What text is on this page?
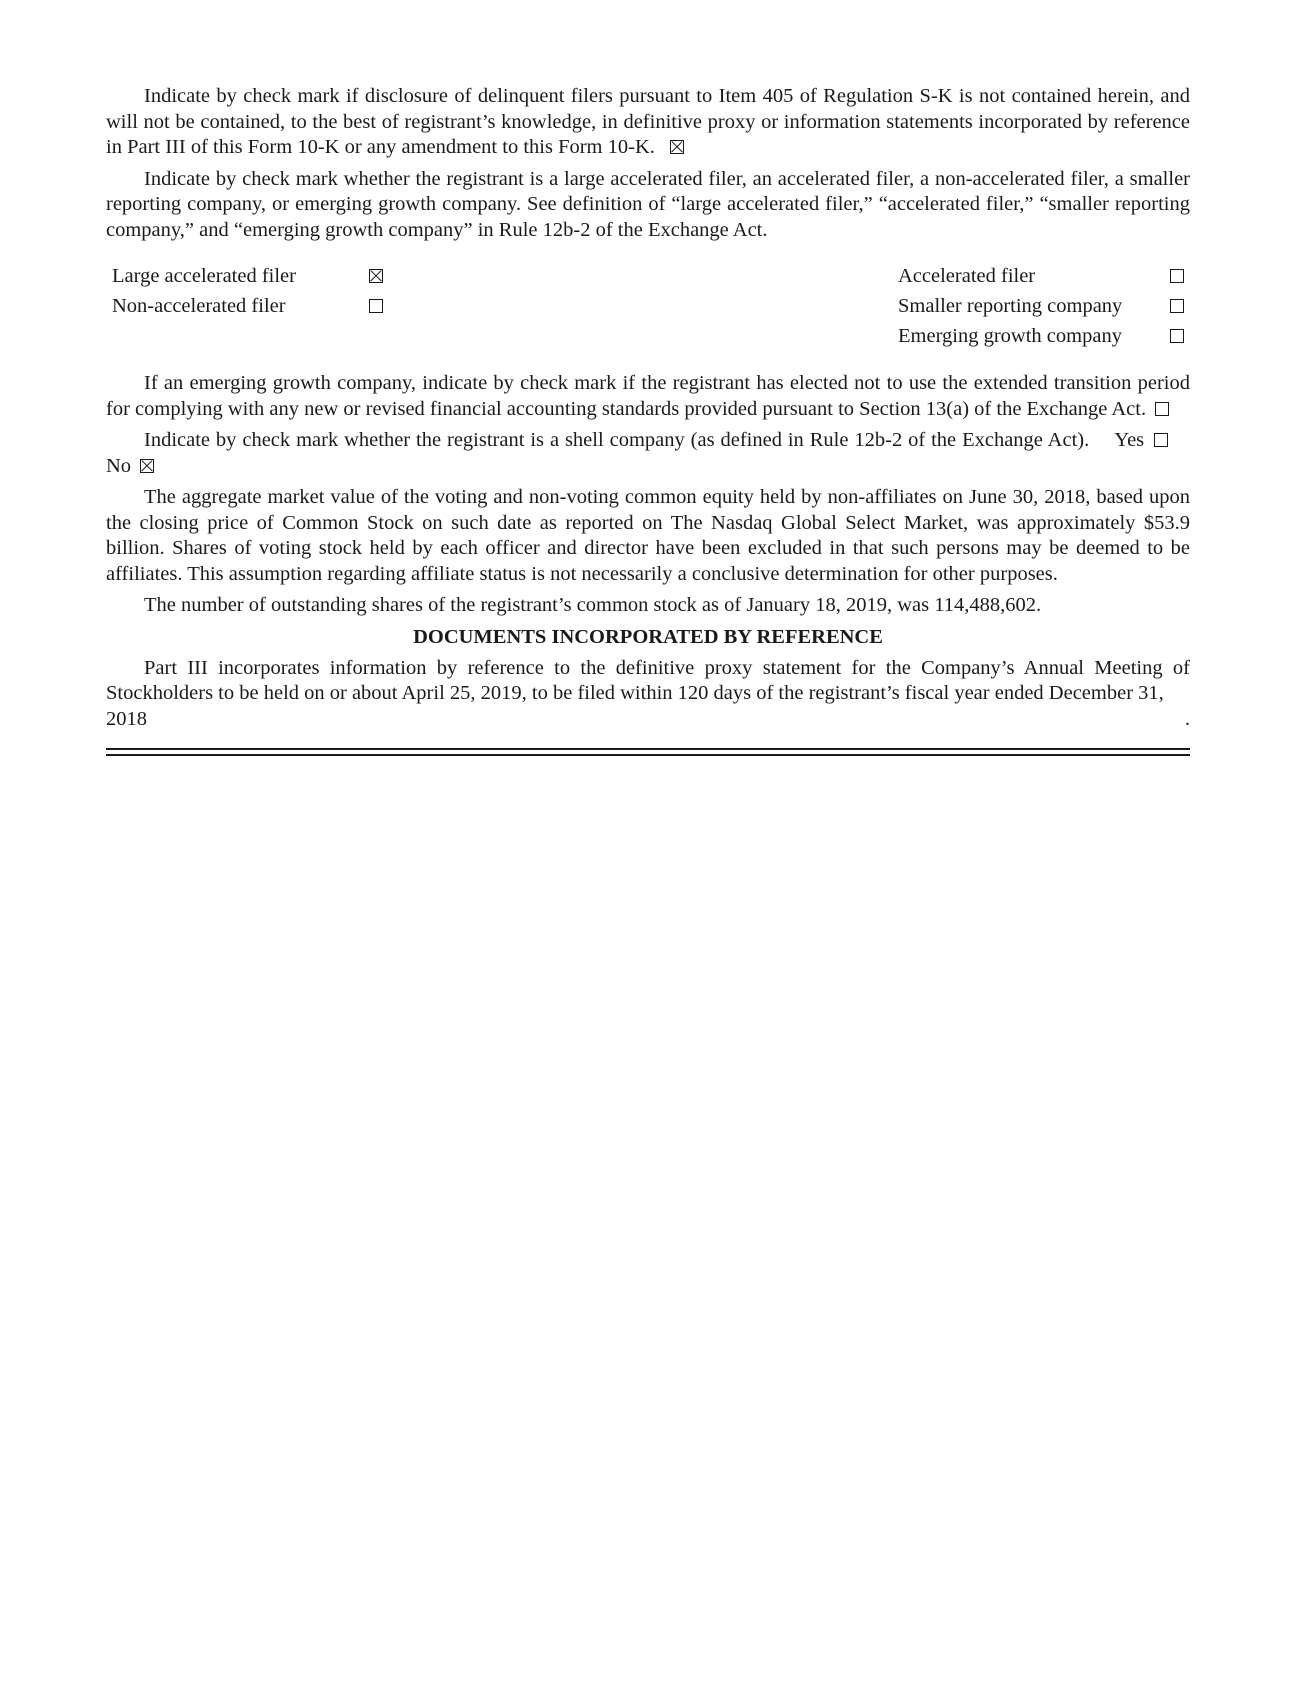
Indicate by check mark if disclosure of delinquent filers pursuant to Item 405 of Regulation S-K is not contained herein, and will not be contained, to the best of registrant’s knowledge, in definitive proxy or information statements incorporated by reference in Part III of this Form 10-K or any amendment to this Form 10-K.

Indicate by check mark whether the registrant is a large accelerated filer, an accelerated filer, a non-accelerated filer, a smaller reporting company, or emerging growth company. See definition of “large accelerated filer,” “accelerated filer,” “smaller reporting company,” and “emerging growth company” in Rule 12b-2 of the Exchange Act.

Large accelerated filer
Non-accelerated filer
Accelerated filer
Smaller reporting company
Emerging growth company

If an emerging growth company, indicate by check mark if the registrant has elected not to use the extended transition period for complying with any new or revised financial accounting standards provided pursuant to Section 13(a) of the Exchange Act.

Indicate by check mark whether the registrant is a shell company (as defined in Rule 12b-2 of the Exchange Act). Yes   No

The aggregate market value of the voting and non-voting common equity held by non-affiliates on June 30, 2018, based upon the closing price of Common Stock on such date as reported on The Nasdaq Global Select Market, was approximately $53.9 billion. Shares of voting stock held by each officer and director have been excluded in that such persons may be deemed to be affiliates. This assumption regarding affiliate status is not necessarily a conclusive determination for other purposes.

The number of outstanding shares of the registrant’s common stock as of January 18, 2019, was 114,488,602.

DOCUMENTS INCORPORATED BY REFERENCE

Part III incorporates information by reference to the definitive proxy statement for the Company’s Annual Meeting of Stockholders to be held on or about April 25, 2019, to be filed within 120 days of the registrant’s fiscal year ended December 31,

2018	.
